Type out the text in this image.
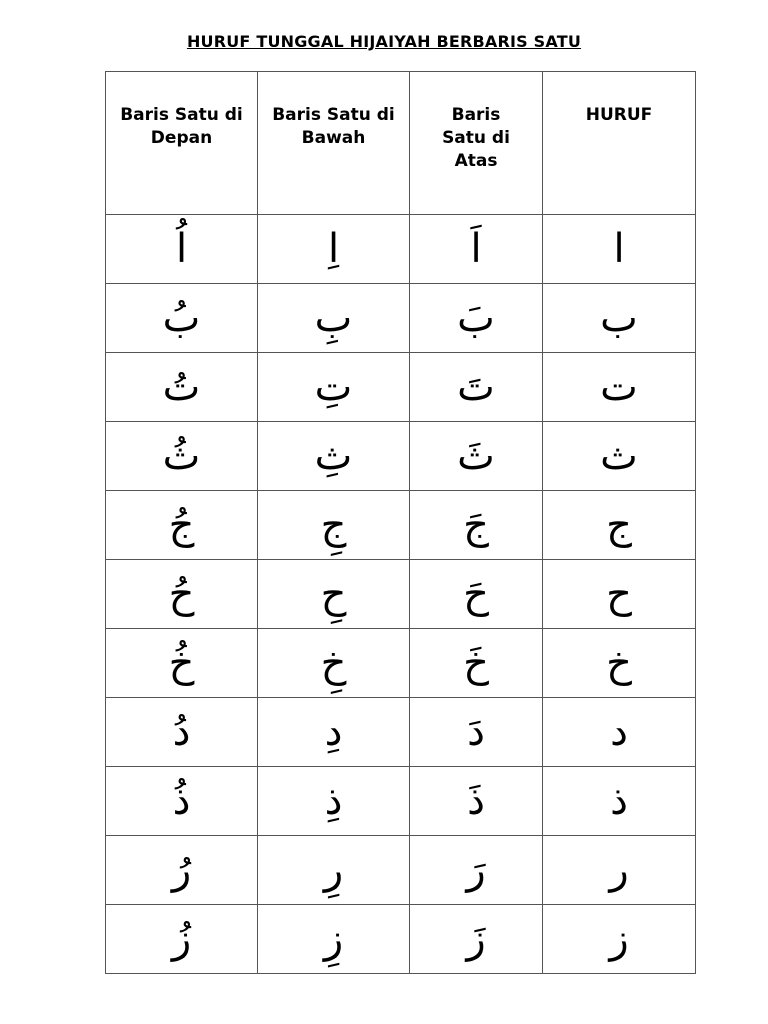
HURUF TUNGGAL HIJAIYAH BERBARIS SATU
Baris Satu di Depan	Baris Satu di Bawah	Baris Satu di Atas	HURUF
اُ	اِ	اَ	ا
بُ	بِ	بَ	ب
تُ	تِ	تَ	ت
ثُ	ثِ	ثَ	ث
جُ	جِ	جَ	ج
حُ	حِ	حَ	ح
خُ	خِ	خَ	خ
دُ	دِ	دَ	د
ذُ	ذِ	ذَ	ذ
رُ	رِ	رَ	ر
زُ	زِ	زَ	ز
